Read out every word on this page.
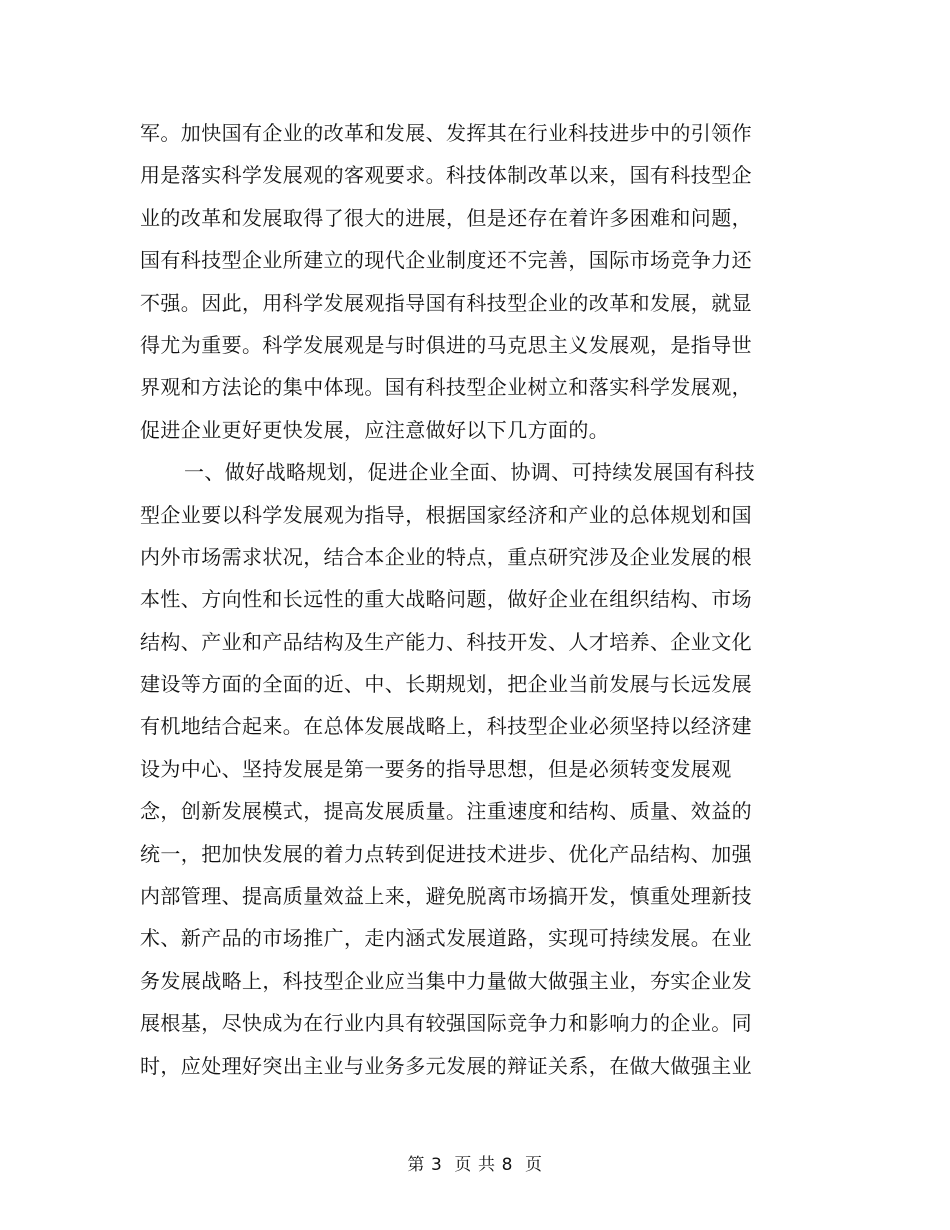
军。加快国有企业的改革和发展、发挥其在行业科技进步中的引领作
用是落实科学发展观的客观要求。科技体制改革以来，国有科技型企
业的改革和发展取得了很大的进展，但是还存在着许多困难和问题，
国有科技型企业所建立的现代企业制度还不完善，国际市场竞争力还
不强。因此，用科学发展观指导国有科技型企业的改革和发展，就显
得尤为重要。科学发展观是与时俱进的马克思主义发展观，是指导世
界观和方法论的集中体现。国有科技型企业树立和落实科学发展观，
促进企业更好更快发展，应注意做好以下几方面的。
一、做好战略规划，促进企业全面、协调、可持续发展国有科技
型企业要以科学发展观为指导，根据国家经济和产业的总体规划和国
内外市场需求状况，结合本企业的特点，重点研究涉及企业发展的根
本性、方向性和长远性的重大战略问题，做好企业在组织结构、市场
结构、产业和产品结构及生产能力、科技开发、人才培养、企业文化
建设等方面的全面的近、中、长期规划，把企业当前发展与长远发展
有机地结合起来。在总体发展战略上，科技型企业必须坚持以经济建
设为中心、坚持发展是第一要务的指导思想，但是必须转变发展观
念，创新发展模式，提高发展质量。注重速度和结构、质量、效益的
统一，把加快发展的着力点转到促进技术进步、优化产品结构、加强
内部管理、提高质量效益上来，避免脱离市场搞开发，慎重处理新技
术、新产品的市场推广，走内涵式发展道路，实现可持续发展。在业
务发展战略上，科技型企业应当集中力量做大做强主业，夯实企业发
展根基，尽快成为在行业内具有较强国际竞争力和影响力的企业。同
时，应处理好突出主业与业务多元发展的辩证关系，在做大做强主业
第 3  页 共 8  页
